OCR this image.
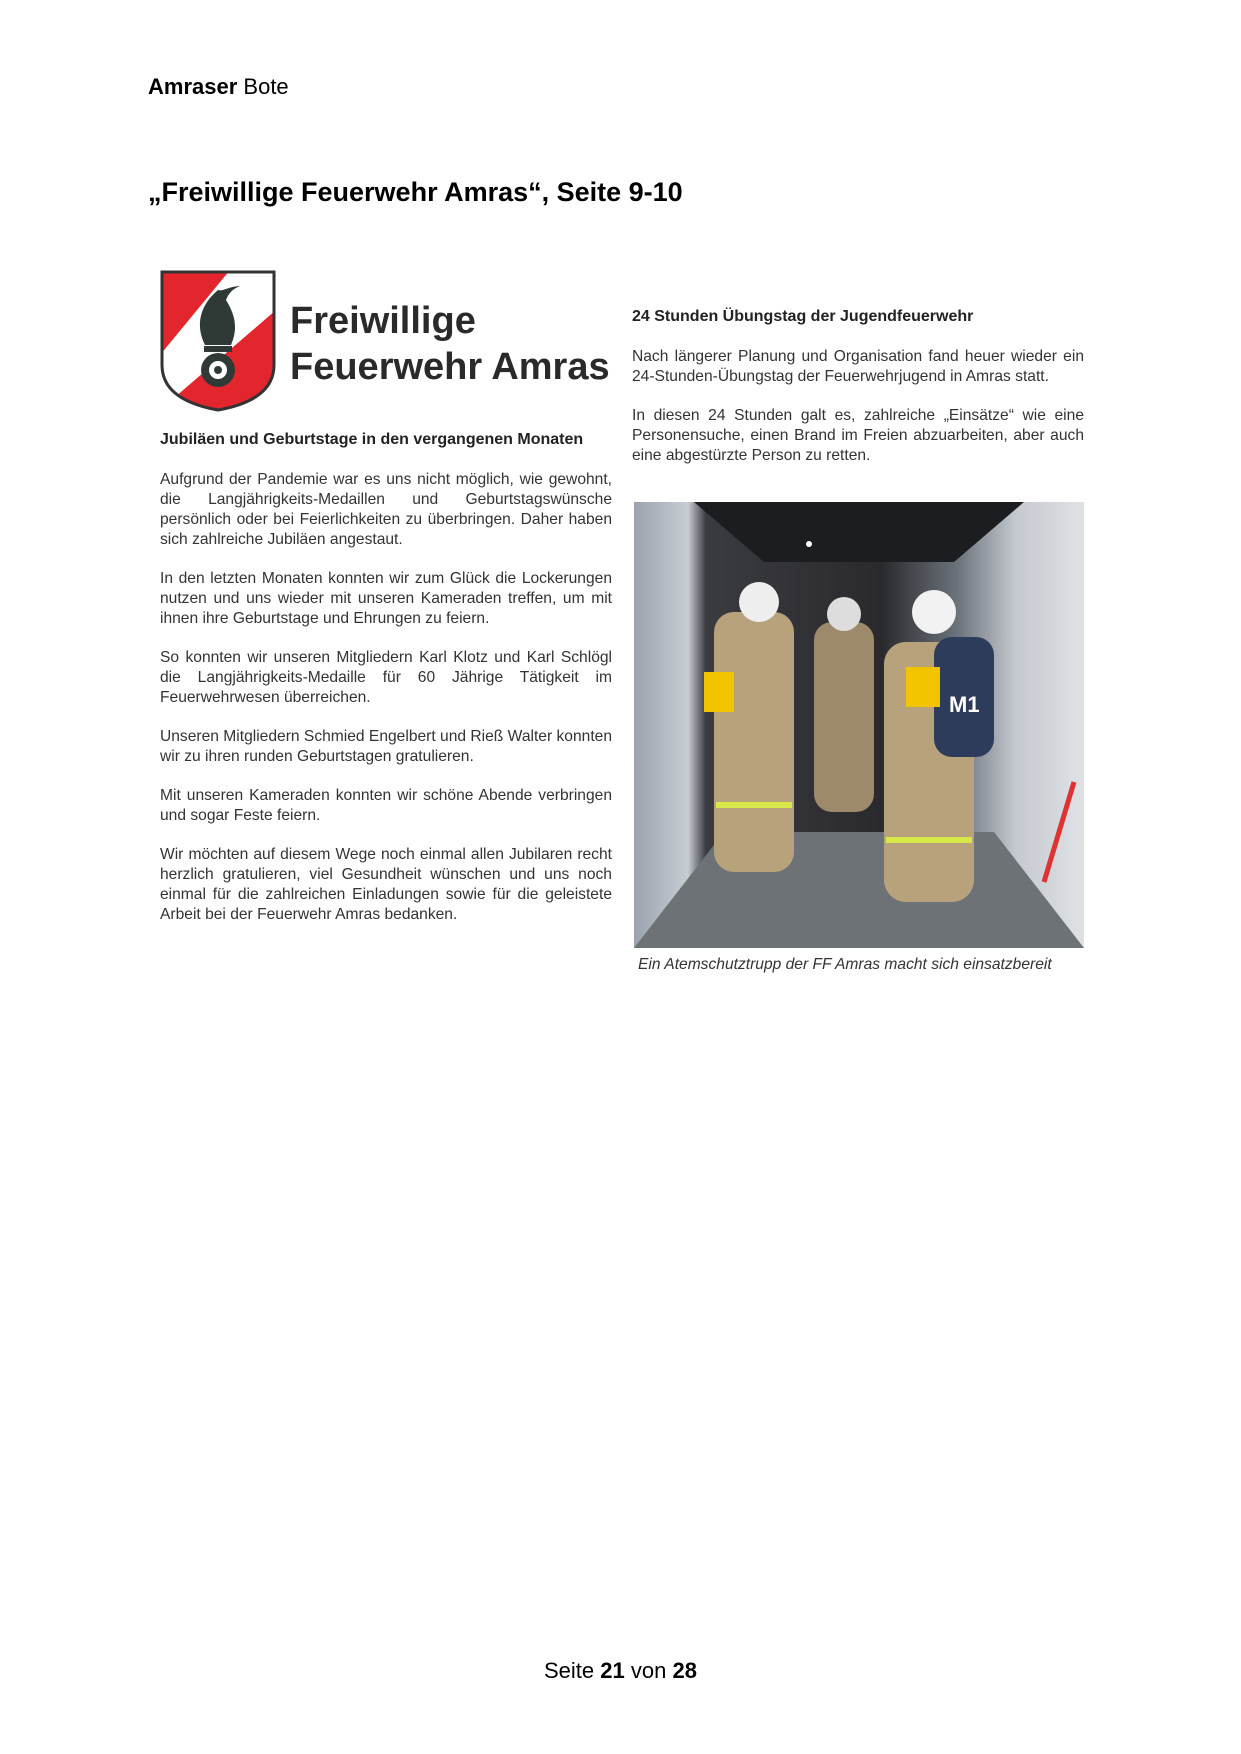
Amraser Bote
„Freiwillige Feuerwehr Amras“, Seite 9-10
Freiwillige
Feuerwehr Amras
Jubiläen und Geburtstage in den vergangenen Monaten

Aufgrund der Pandemie war es uns nicht möglich, wie gewohnt, die Langjährigkeits-Medaillen und Geburtstagswünsche persönlich oder bei Feierlichkeiten zu überbringen. Daher haben sich zahlreiche Jubiläen angestaut.

In den letzten Monaten konnten wir zum Glück die Lockerungen nutzen und uns wieder mit unseren Kameraden treffen, um mit ihnen ihre Geburtstage und Ehrungen zu feiern.

So konnten wir unseren Mitgliedern Karl Klotz und Karl Schlögl die Langjährigkeits-Medaille für 60 Jährige Tätigkeit im Feuerwehrwesen überreichen.

Unseren Mitgliedern Schmied Engelbert und Rieß Walter konnten wir zu ihren runden Geburtstagen gratulieren.

Mit unseren Kameraden konnten wir schöne Abende verbringen und sogar Feste feiern.

Wir möchten auf diesem Wege noch einmal allen Jubilaren recht herzlich gratulieren, viel Gesundheit wünschen und uns noch einmal für die zahlreichen Einladungen sowie für die geleistete Arbeit bei der Feuerwehr Amras bedanken.

24 Stunden Übungstag der Jugendfeuerwehr

Nach längerer Planung und Organisation fand heuer wieder ein 24-Stunden-Übungstag der Feuerwehrjugend in Amras statt.

In diesen 24 Stunden galt es, zahlreiche „Einsätze“ wie eine Personensuche, einen Brand im Freien abzuarbeiten, aber auch eine abgestürzte Person zu retten.

M1
Ein Atemschutztrupp der FF Amras macht sich einsatzbereit
Seite 21 von 28
